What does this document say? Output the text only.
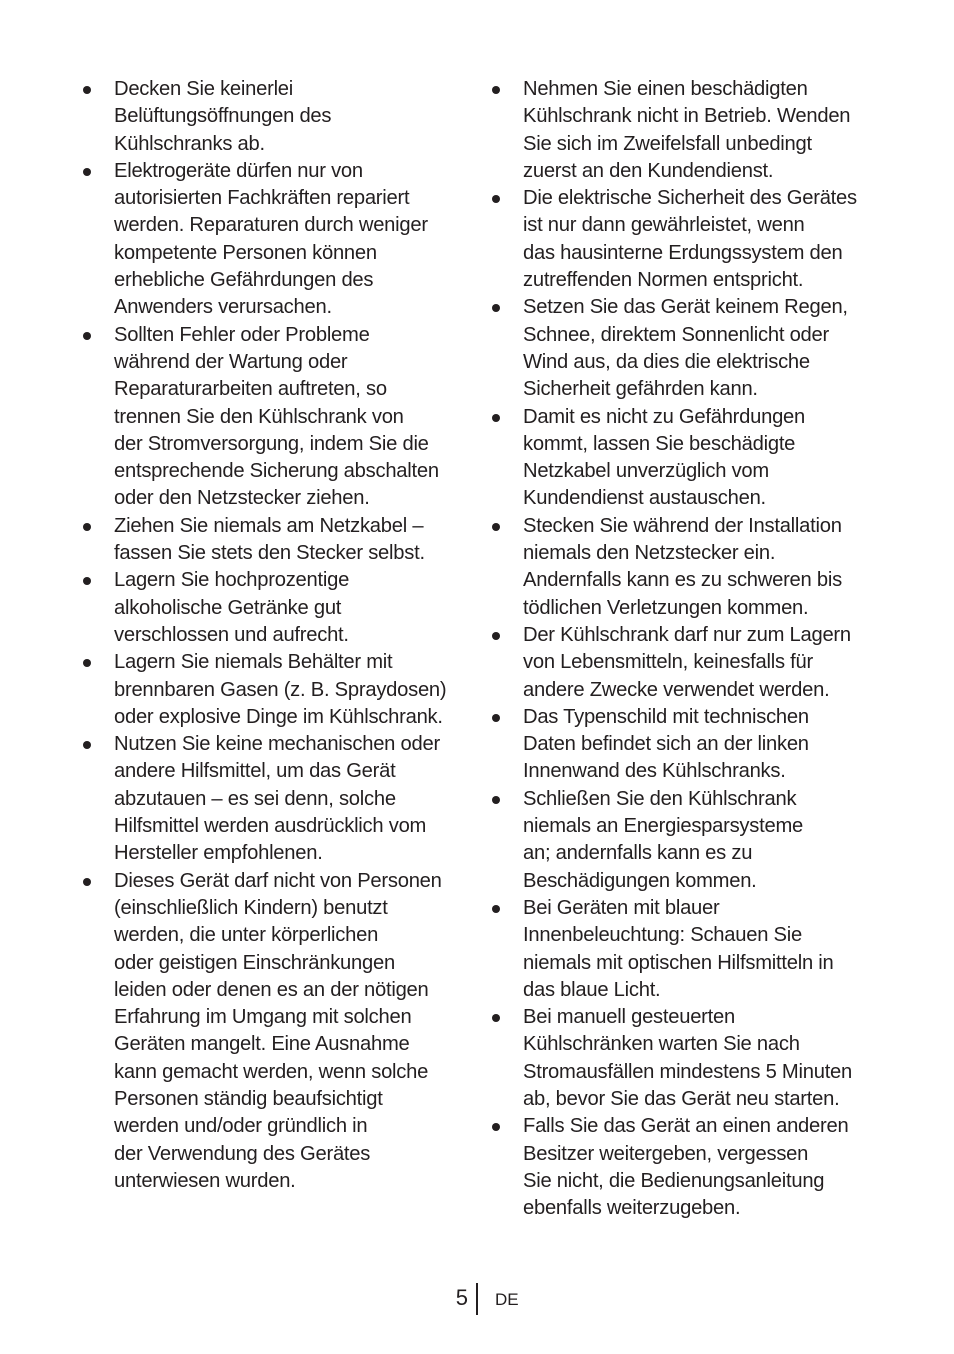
Decken Sie keinerlei
Belüftungsöffnungen des
Kühlschranks ab.
Elektrogeräte dürfen nur von
autorisierten Fachkräften repariert
werden. Reparaturen durch weniger
kompetente Personen können
erhebliche Gefährdungen des
Anwenders verursachen.
Sollten Fehler oder Probleme
während der Wartung oder
Reparaturarbeiten auftreten, so
trennen Sie den Kühlschrank von
der Stromversorgung, indem Sie die
entsprechende Sicherung abschalten
oder den Netzstecker ziehen.
Ziehen Sie niemals am Netzkabel –
fassen Sie stets den Stecker selbst.
Lagern Sie hochprozentige
alkoholische Getränke gut
verschlossen und aufrecht.
Lagern Sie niemals Behälter mit
brennbaren Gasen (z. B. Spraydosen)
oder explosive Dinge im Kühlschrank.
Nutzen Sie keine mechanischen oder
andere Hilfsmittel, um das Gerät
abzutauen – es sei denn, solche
Hilfsmittel werden ausdrücklich vom
Hersteller empfohlenen.
Dieses Gerät darf nicht von Personen
(einschließlich Kindern) benutzt
werden, die unter körperlichen
oder geistigen Einschränkungen
leiden oder denen es an der nötigen
Erfahrung im Umgang mit solchen
Geräten mangelt. Eine Ausnahme
kann gemacht werden, wenn solche
Personen ständig beaufsichtigt
werden und/oder gründlich in
der Verwendung des Gerätes
unterwiesen wurden.
Nehmen Sie einen beschädigten
Kühlschrank nicht in Betrieb. Wenden
Sie sich im Zweifelsfall unbedingt
zuerst an den Kundendienst.
Die elektrische Sicherheit des Gerätes
ist nur dann gewährleistet, wenn
das hausinterne Erdungssystem den
zutreffenden Normen entspricht.
Setzen Sie das Gerät keinem Regen,
Schnee, direktem Sonnenlicht oder
Wind aus, da dies die elektrische
Sicherheit gefährden kann.
Damit es nicht zu Gefährdungen
kommt, lassen Sie beschädigte
Netzkabel unverzüglich vom
Kundendienst austauschen.
Stecken Sie während der Installation
niemals den Netzstecker ein.
Andernfalls kann es zu schweren bis
tödlichen Verletzungen kommen.
Der Kühlschrank darf nur zum Lagern
von Lebensmitteln, keinesfalls für
andere Zwecke verwendet werden.
Das Typenschild mit technischen
Daten befindet sich an der linken
Innenwand des Kühlschranks.
Schließen Sie den Kühlschrank
niemals an Energiesparsysteme
an; andernfalls kann es zu
Beschädigungen kommen.
Bei Geräten mit blauer
Innenbeleuchtung: Schauen Sie
niemals mit optischen Hilfsmitteln in
das blaue Licht.
Bei manuell gesteuerten
Kühlschränken warten Sie nach
Stromausfällen mindestens 5 Minuten
ab, bevor Sie das Gerät neu starten.
Falls Sie das Gerät an einen anderen
Besitzer weitergeben, vergessen
Sie nicht, die Bedienungsanleitung
ebenfalls weiterzugeben.
5 DE
